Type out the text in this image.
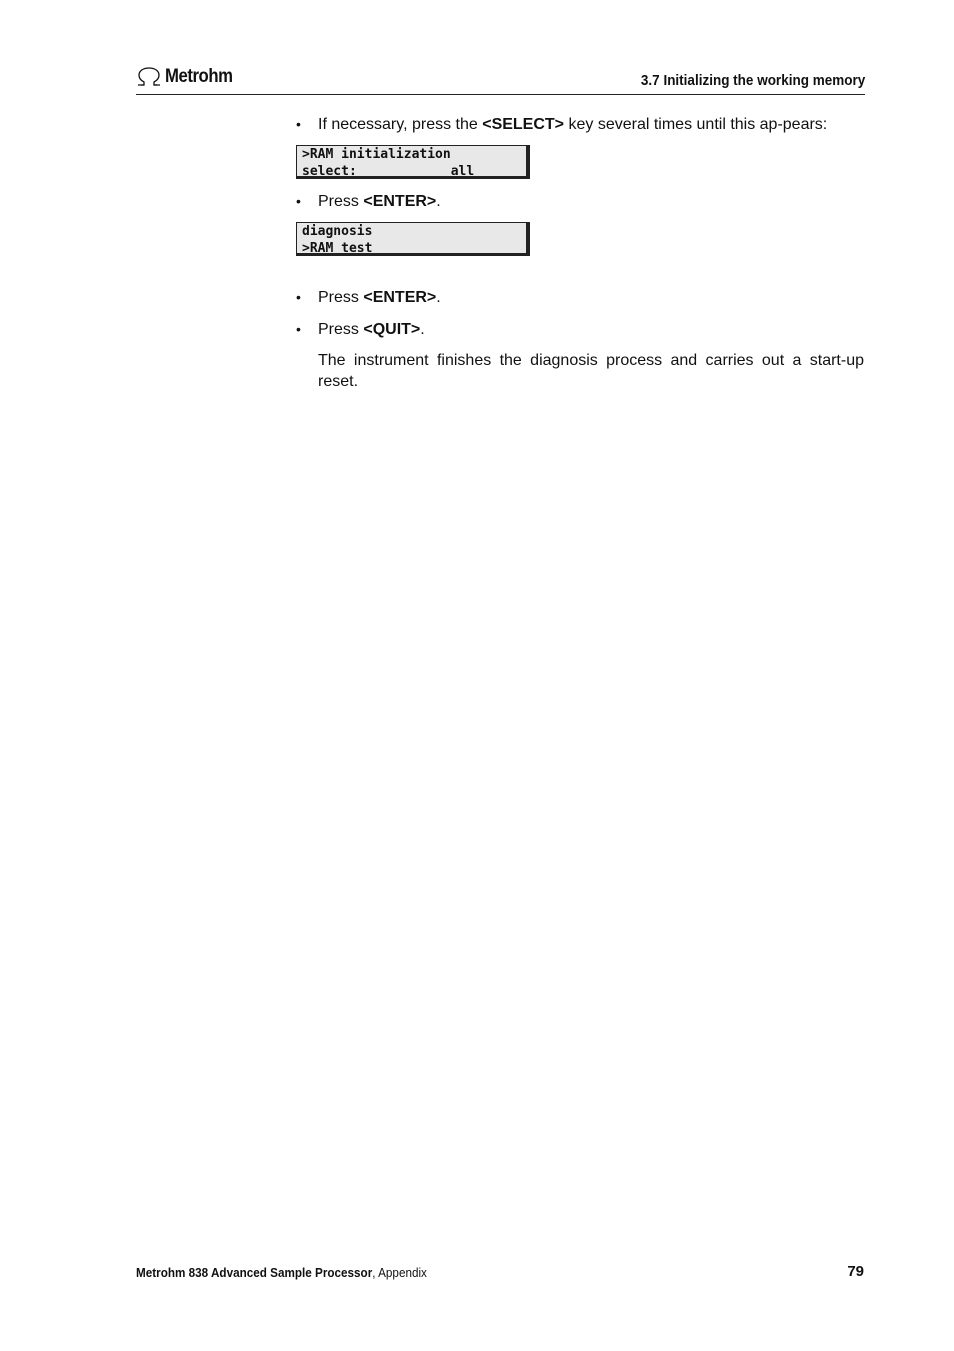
Metrohm	3.7 Initializing the working memory

• If necessary, press the <SELECT> key several times until this ap-pears:

>RAM initialization
select:            all

• Press <ENTER>.

diagnosis
>RAM test

• Press <ENTER>.

• Press <QUIT>.

The instrument finishes the diagnosis process and carries out a start-up reset.

Metrohm 838 Advanced Sample Processor, Appendix	79
